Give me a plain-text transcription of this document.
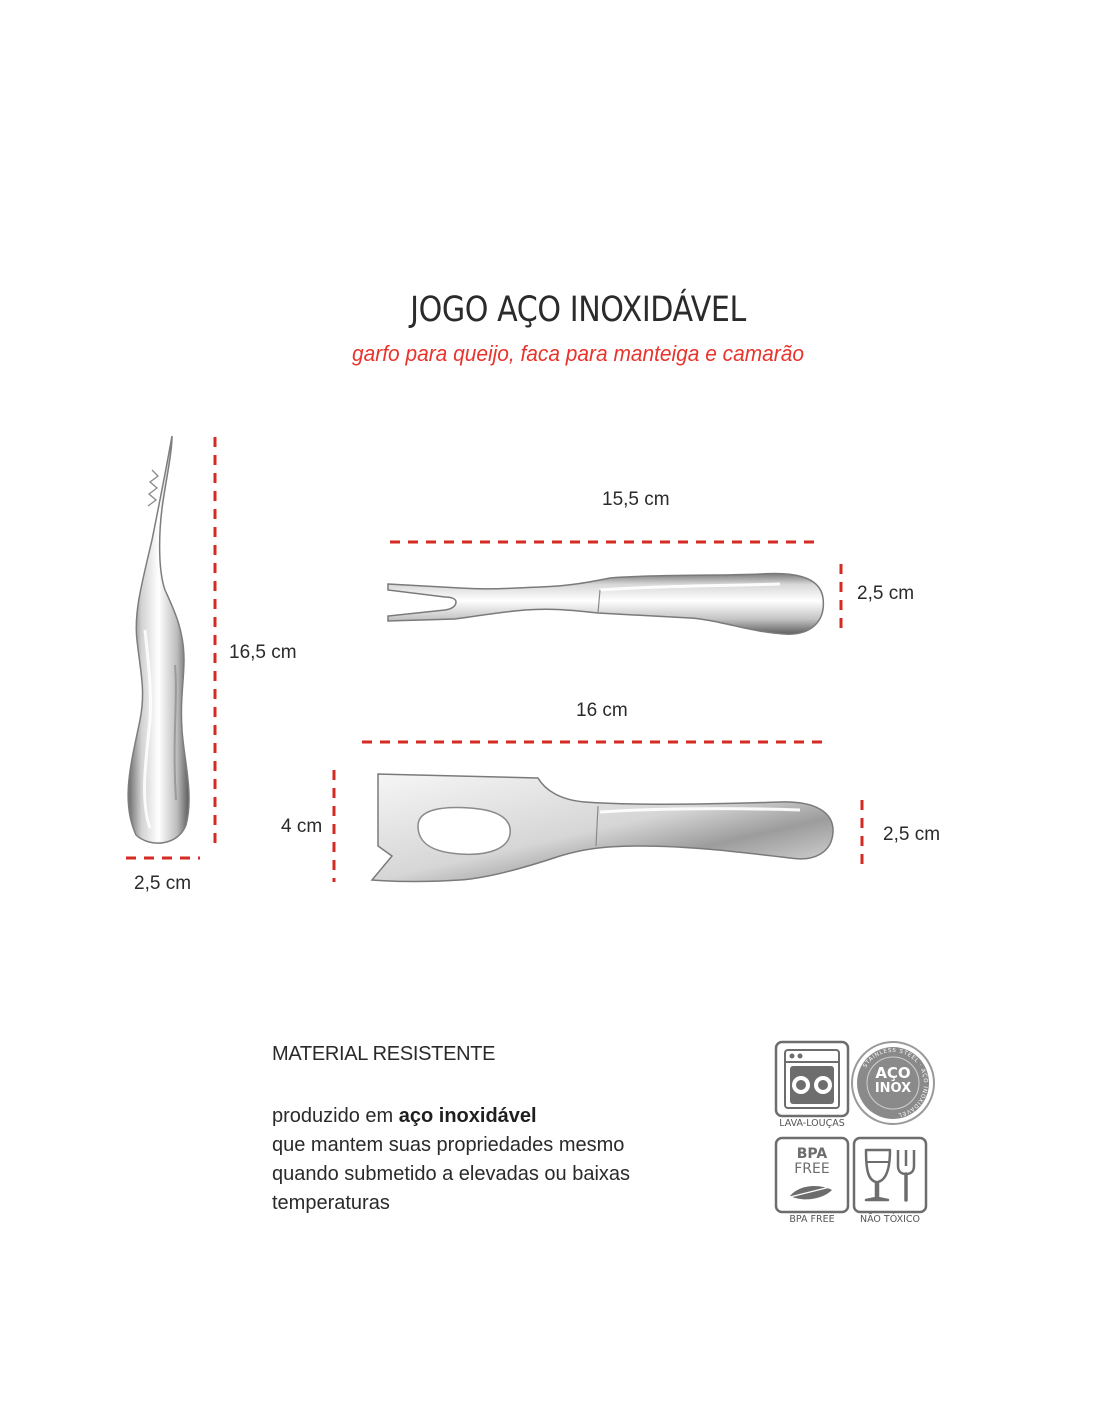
JOGO AÇO INOXIDÁVEL
garfo para queijo, faca para manteiga e camarão
16,5 cm
2,5 cm
15,5 cm
2,5 cm
16 cm
4 cm	2,5 cm
MATERIAL RESISTENTE
produzido em aço inoxidável
que mantem suas propriedades mesmo
quando submetido a elevadas ou baixas
temperaturas
LAVA-LOUÇAS
STAINLESS STEEL · AÇO INOXIDÁVEL
AÇO
INOX
BPA
FREE
BPA FREE	NÃO TÓXICO
